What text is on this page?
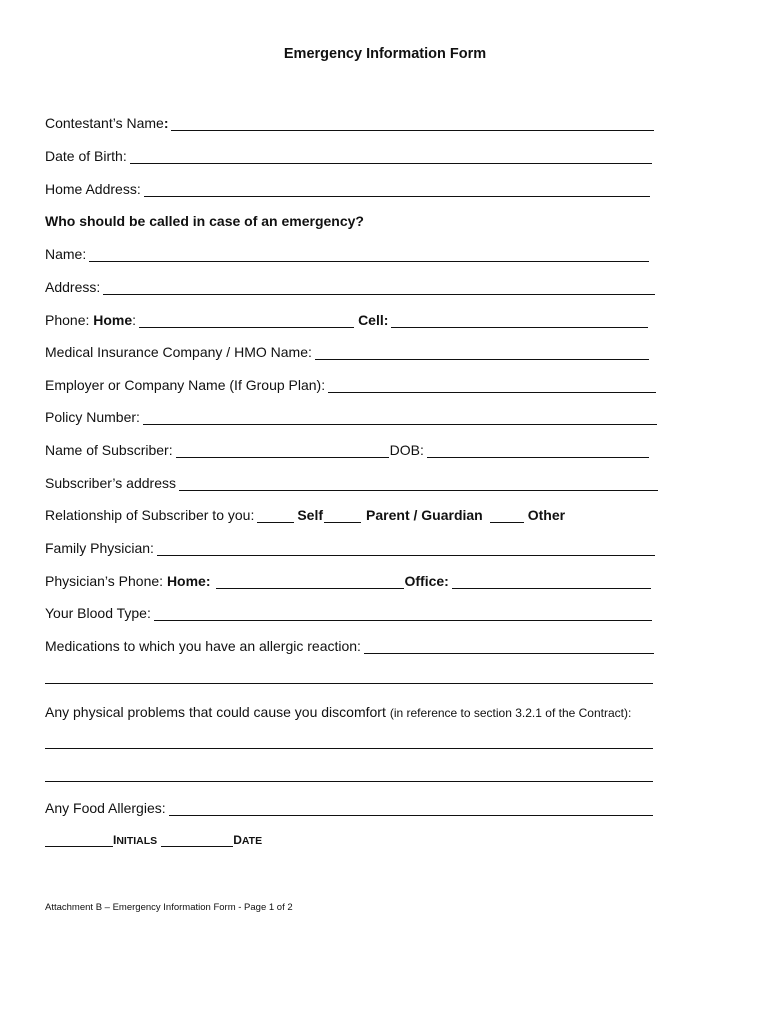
Emergency Information Form
Contestant’s Name :
Date of Birth:
Home Address:
Who should be called in case of an emergency?
Name:
Address:
Phone: Home :	Cell:
Medical Insurance Company / HMO Name:
Employer or Company Name (If Group Plan):
Policy Number:
Name of Subscriber:	DOB:
Subscriber’s address
Relationship of Subscriber to you:	Self	Parent / Guardian	Other
Family Physician:
Physician’s Phone: Home:	Office:
Your Blood Type:
Medications to which you have an allergic reaction:
Any physical problems that could cause you discomfort (in reference to section 3.2.1 of the Contract):
Any Food Allergies:
INITIALS	DATE
Attachment B – Emergency Information Form - Page 1 of 2
